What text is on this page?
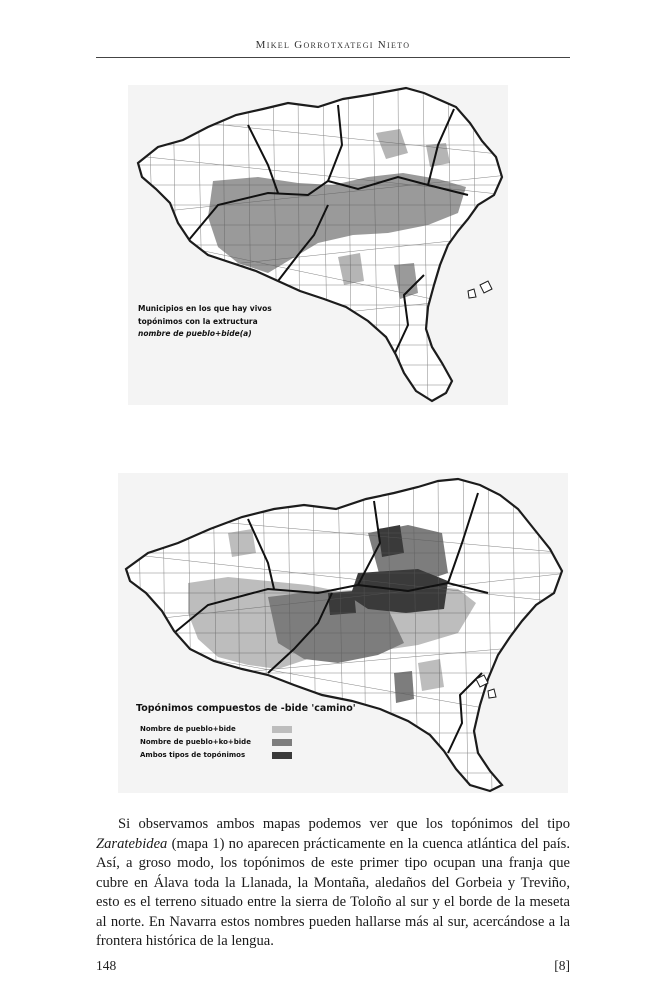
Mikel Gorrotxategi Nieto
Municipios en los que hay vivos
topónimos con la extructura
nombre de pueblo+bide(a)
Topónimos compuestos de -bide 'camino'
Nombre de pueblo+bide
Nombre de pueblo+ko+bide
Ambos tipos de topónimos

Si observamos ambos mapas podemos ver que los topónimos del tipo Zaratebidea (mapa 1) no aparecen prácticamente en la cuenca atlántica del país. Así, a groso modo, los topónimos de este primer tipo ocupan una franja que cubre en Álava toda la Llanada, la Montaña, aledaños del Gorbeia y Treviño, esto es el terreno situado entre la sierra de Toloño al sur y el borde de la meseta al norte. En Navarra estos nombres pueden hallarse más al sur, acercándose a la frontera histórica de la lengua.

148	[8]
